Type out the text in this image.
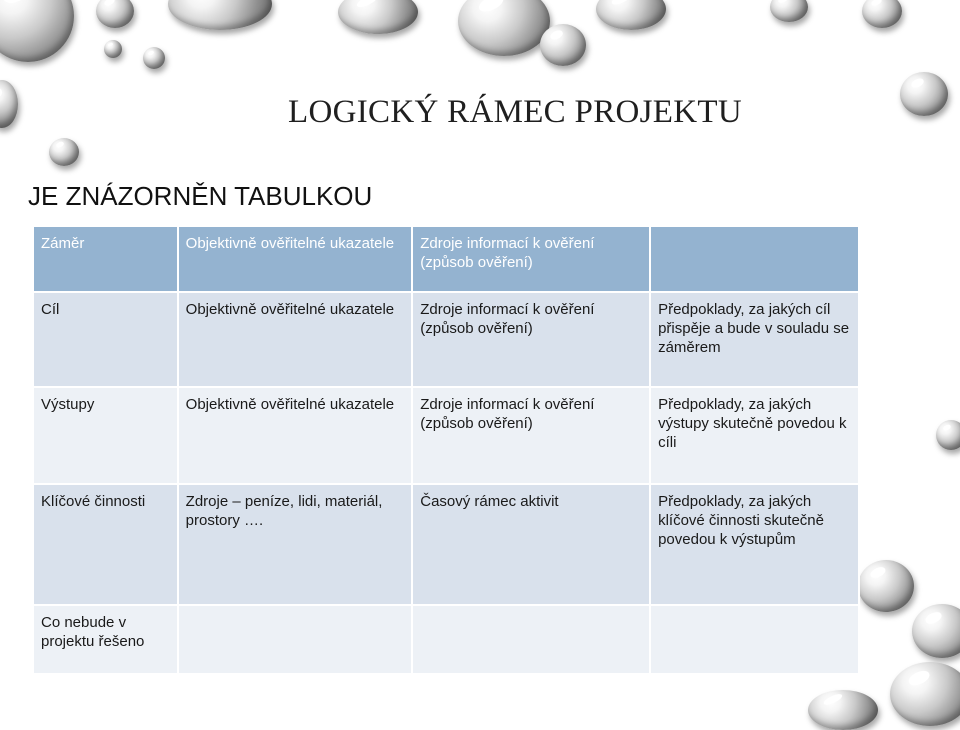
LOGICKÝ RÁMEC PROJEKTU
JE ZNÁZORNĚN TABULKOU
Záměr	Objektivně ověřitelné ukazatele	Zdroje informací k ověření (způsob ověření)	
Cíl	Objektivně ověřitelné ukazatele	Zdroje informací k ověření (způsob ověření)	Předpoklady, za jakých cíl přispěje a bude v souladu se záměrem
Výstupy	Objektivně ověřitelné ukazatele	Zdroje informací k ověření (způsob ověření)	Předpoklady, za jakých výstupy skutečně povedou k cíli
Klíčové činnosti	Zdroje – peníze, lidi, materiál, prostory ….	Časový rámec aktivit	Předpoklady, za jakých klíčové činnosti skutečně povedou k výstupům
Co nebude v projektu řešeno			
